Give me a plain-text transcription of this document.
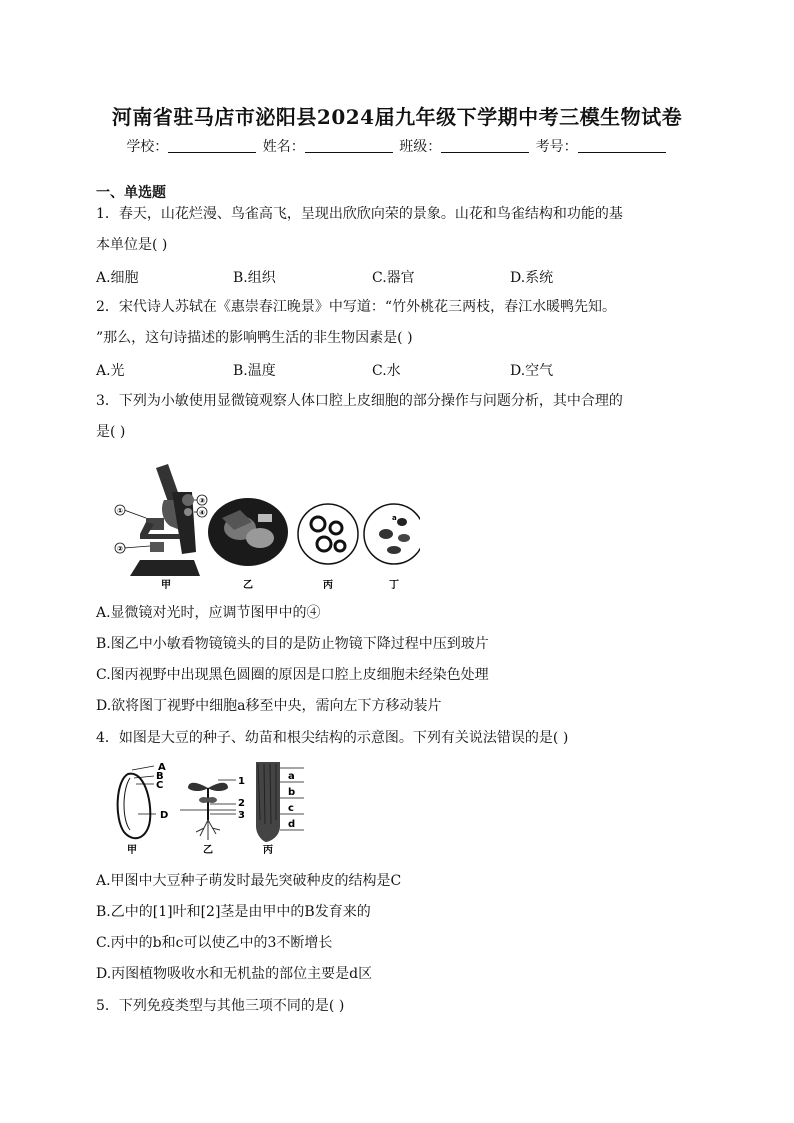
河南省驻马店市泌阳县2024届九年级下学期中考三模生物试卷
学校：	姓名：	班级：	考号：
一、单选题
1．春天，山花烂漫、鸟雀高飞，呈现出欣欣向荣的景象。山花和鸟雀结构和功能的基
本单位是( )
A.细胞	B.组织	C.器官	D.系统
2．宋代诗人苏轼在《惠崇春江晚景》中写道：“竹外桃花三两枝，春江水暖鸭先知。
”那么，这句诗描述的影响鸭生活的非生物因素是( )
A.光	B.温度	C.水	D.空气
3．下列为小敏使用显微镜观察人体口腔上皮细胞的部分操作与问题分析，其中合理的
是( )
①
②
③
④
甲	乙	丙
a
丁
A.显微镜对光时，应调节图甲中的④
B.图乙中小敏看物镜镜头的目的是防止物镜下降过程中压到玻片
C.图丙视野中出现黑色圆圈的原因是口腔上皮细胞未经染色处理
D.欲将图丁视野中细胞a移至中央，需向左下方移动装片
4．如图是大豆的种子、幼苗和根尖结构的示意图。下列有关说法错误的是( )
A
B
C
D
甲
1
2
3
乙
a
b
c
d
丙
A.甲图中大豆种子萌发时最先突破种皮的结构是C
B.乙中的[1]叶和[2]茎是由甲中的B发育来的
C.丙中的b和c可以使乙中的3不断增长
D.丙图植物吸收水和无机盐的部位主要是d区
5．下列免疫类型与其他三项不同的是( )
